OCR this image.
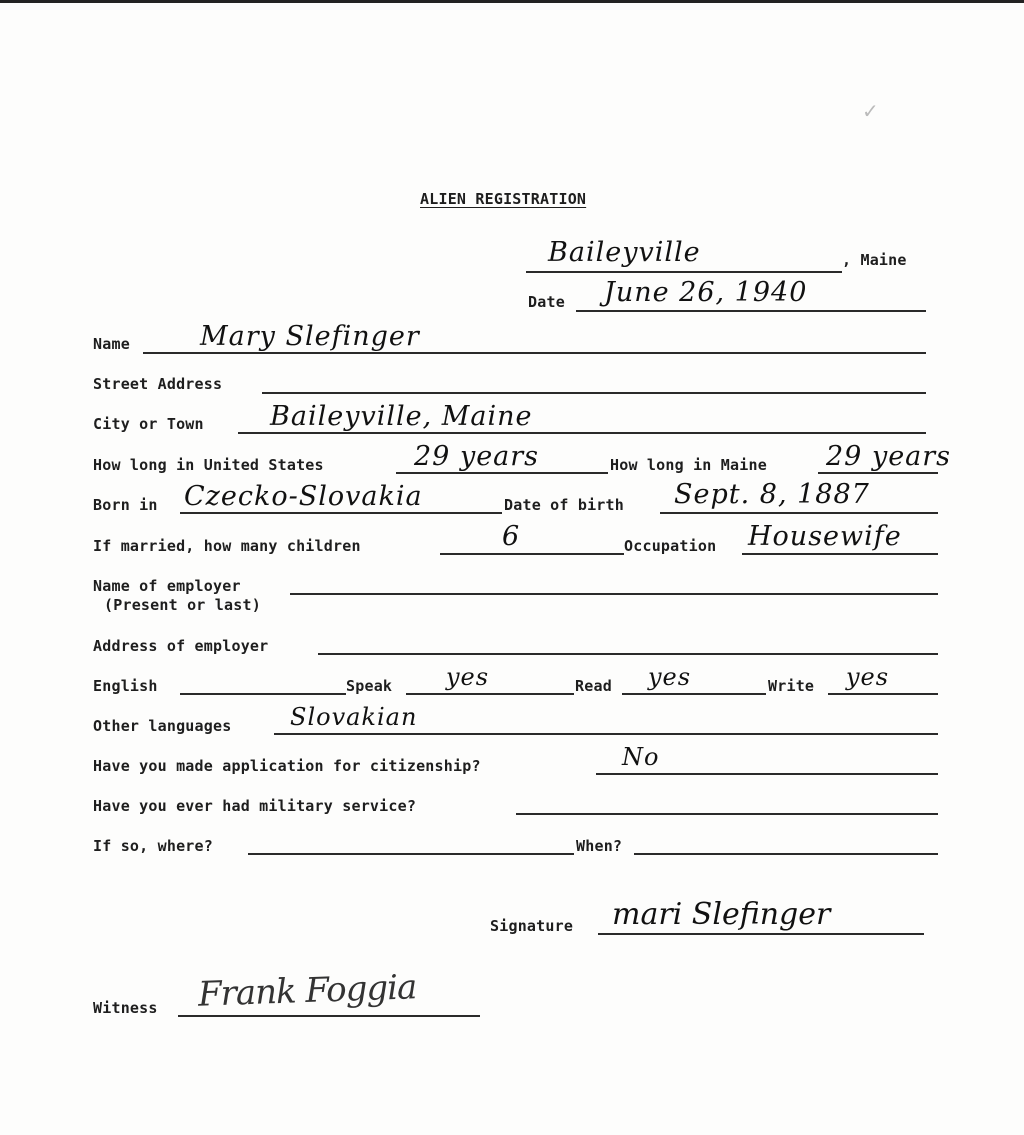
✓
ALIEN REGISTRATION
Baileyville	, Maine
Date June 26, 1940
Name	Mary Slefinger
Street Address
City or Town Baileyville, Maine
How long in United States	29 years	How long in Maine 29 years
Born in Czecko-Slovakia	Date of birth Sept. 8, 1887
If married, how many children	6	Occupation Housewife
Name of employer
(Present or last)
Address of employer
English	Speak yes	Read yes	Write yes
Other languages Slovakian
Have you made application for citizenship?	No
Have you ever had military service?
If so, where?	When?
Signature mari Slefinger
Witness Frank Foggia
